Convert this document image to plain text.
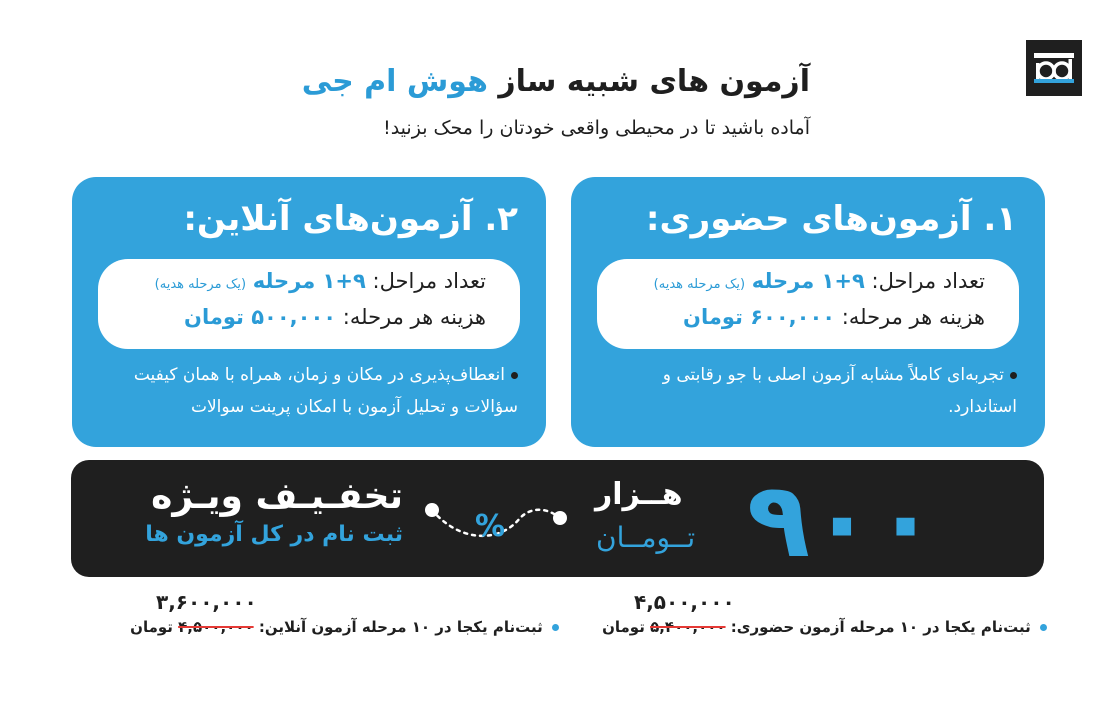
آزمون های شبیه ساز هوش ام جی
آماده باشید تا در محیطی واقعی خودتان را محک بزنید!
۱. آزمون‌های حضوری:
تعداد مراحل: ۹+۱ مرحله (یک مرحله هدیه)
هزینه هر مرحله: ۶۰۰,۰۰۰ تومان
تجربه‌ای کاملاً مشابه آزمون اصلی با جو رقابتی و استاندارد.
۲. آزمون‌های آنلاین:
تعداد مراحل: ۹+۱ مرحله (یک مرحله هدیه)
هزینه هر مرحله: ۵۰۰,۰۰۰ تومان
انعطاف‌پذیری در مکان و زمان، همراه با همان کیفیت سؤالات و تحلیل آزمون با امکان پرینت سوالات
۹۰۰
هــزار
تــومــان
%
تخفـیـف ویـژه
ثبت نام در کل آزمون ها
۴,۵۰۰,۰۰۰
ثبت‌نام یکجا در ۱۰ مرحله آزمون حضوری: ۵,۴۰۰,۰۰۰ تومان
۳,۶۰۰,۰۰۰
ثبت‌نام یکجا در ۱۰ مرحله آزمون آنلاین: ۴,۵۰۰,۰۰۰ تومان
